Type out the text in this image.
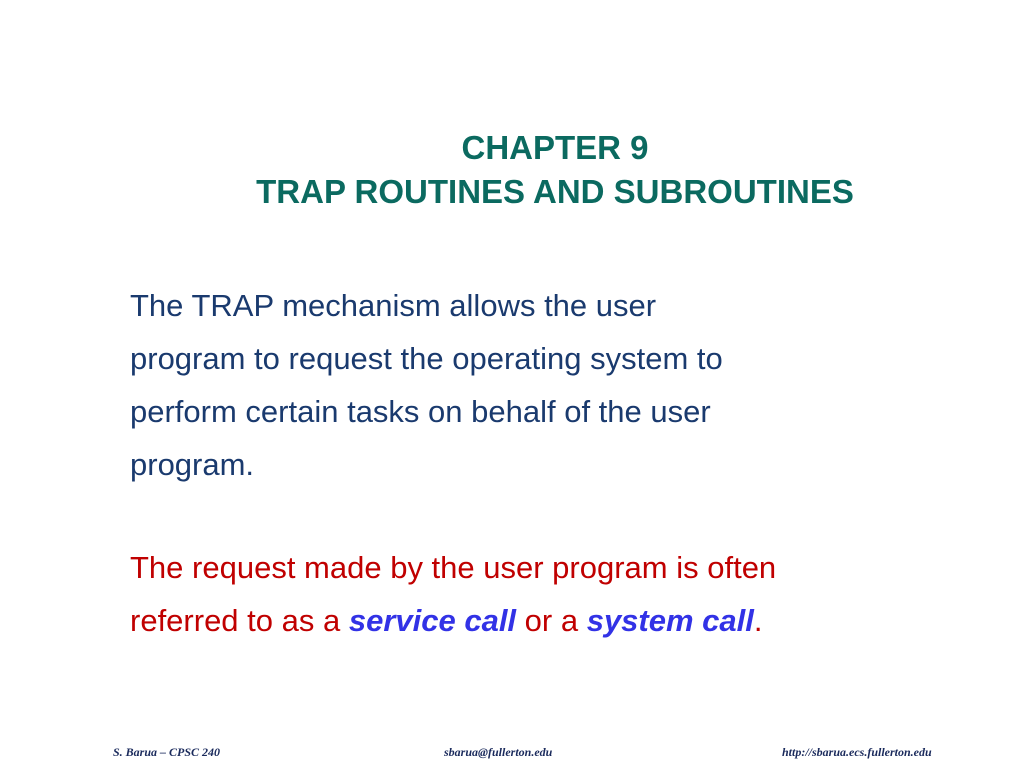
CHAPTER 9
TRAP ROUTINES AND SUBROUTINES
The TRAP mechanism allows the user
program to request the operating system to
perform certain tasks on behalf of the user
program.
The request made by the user program is often
referred to as a service call or a system call.
S. Barua – CPSC 240	sbarua@fullerton.edu	http://sbarua.ecs.fullerton.edu
